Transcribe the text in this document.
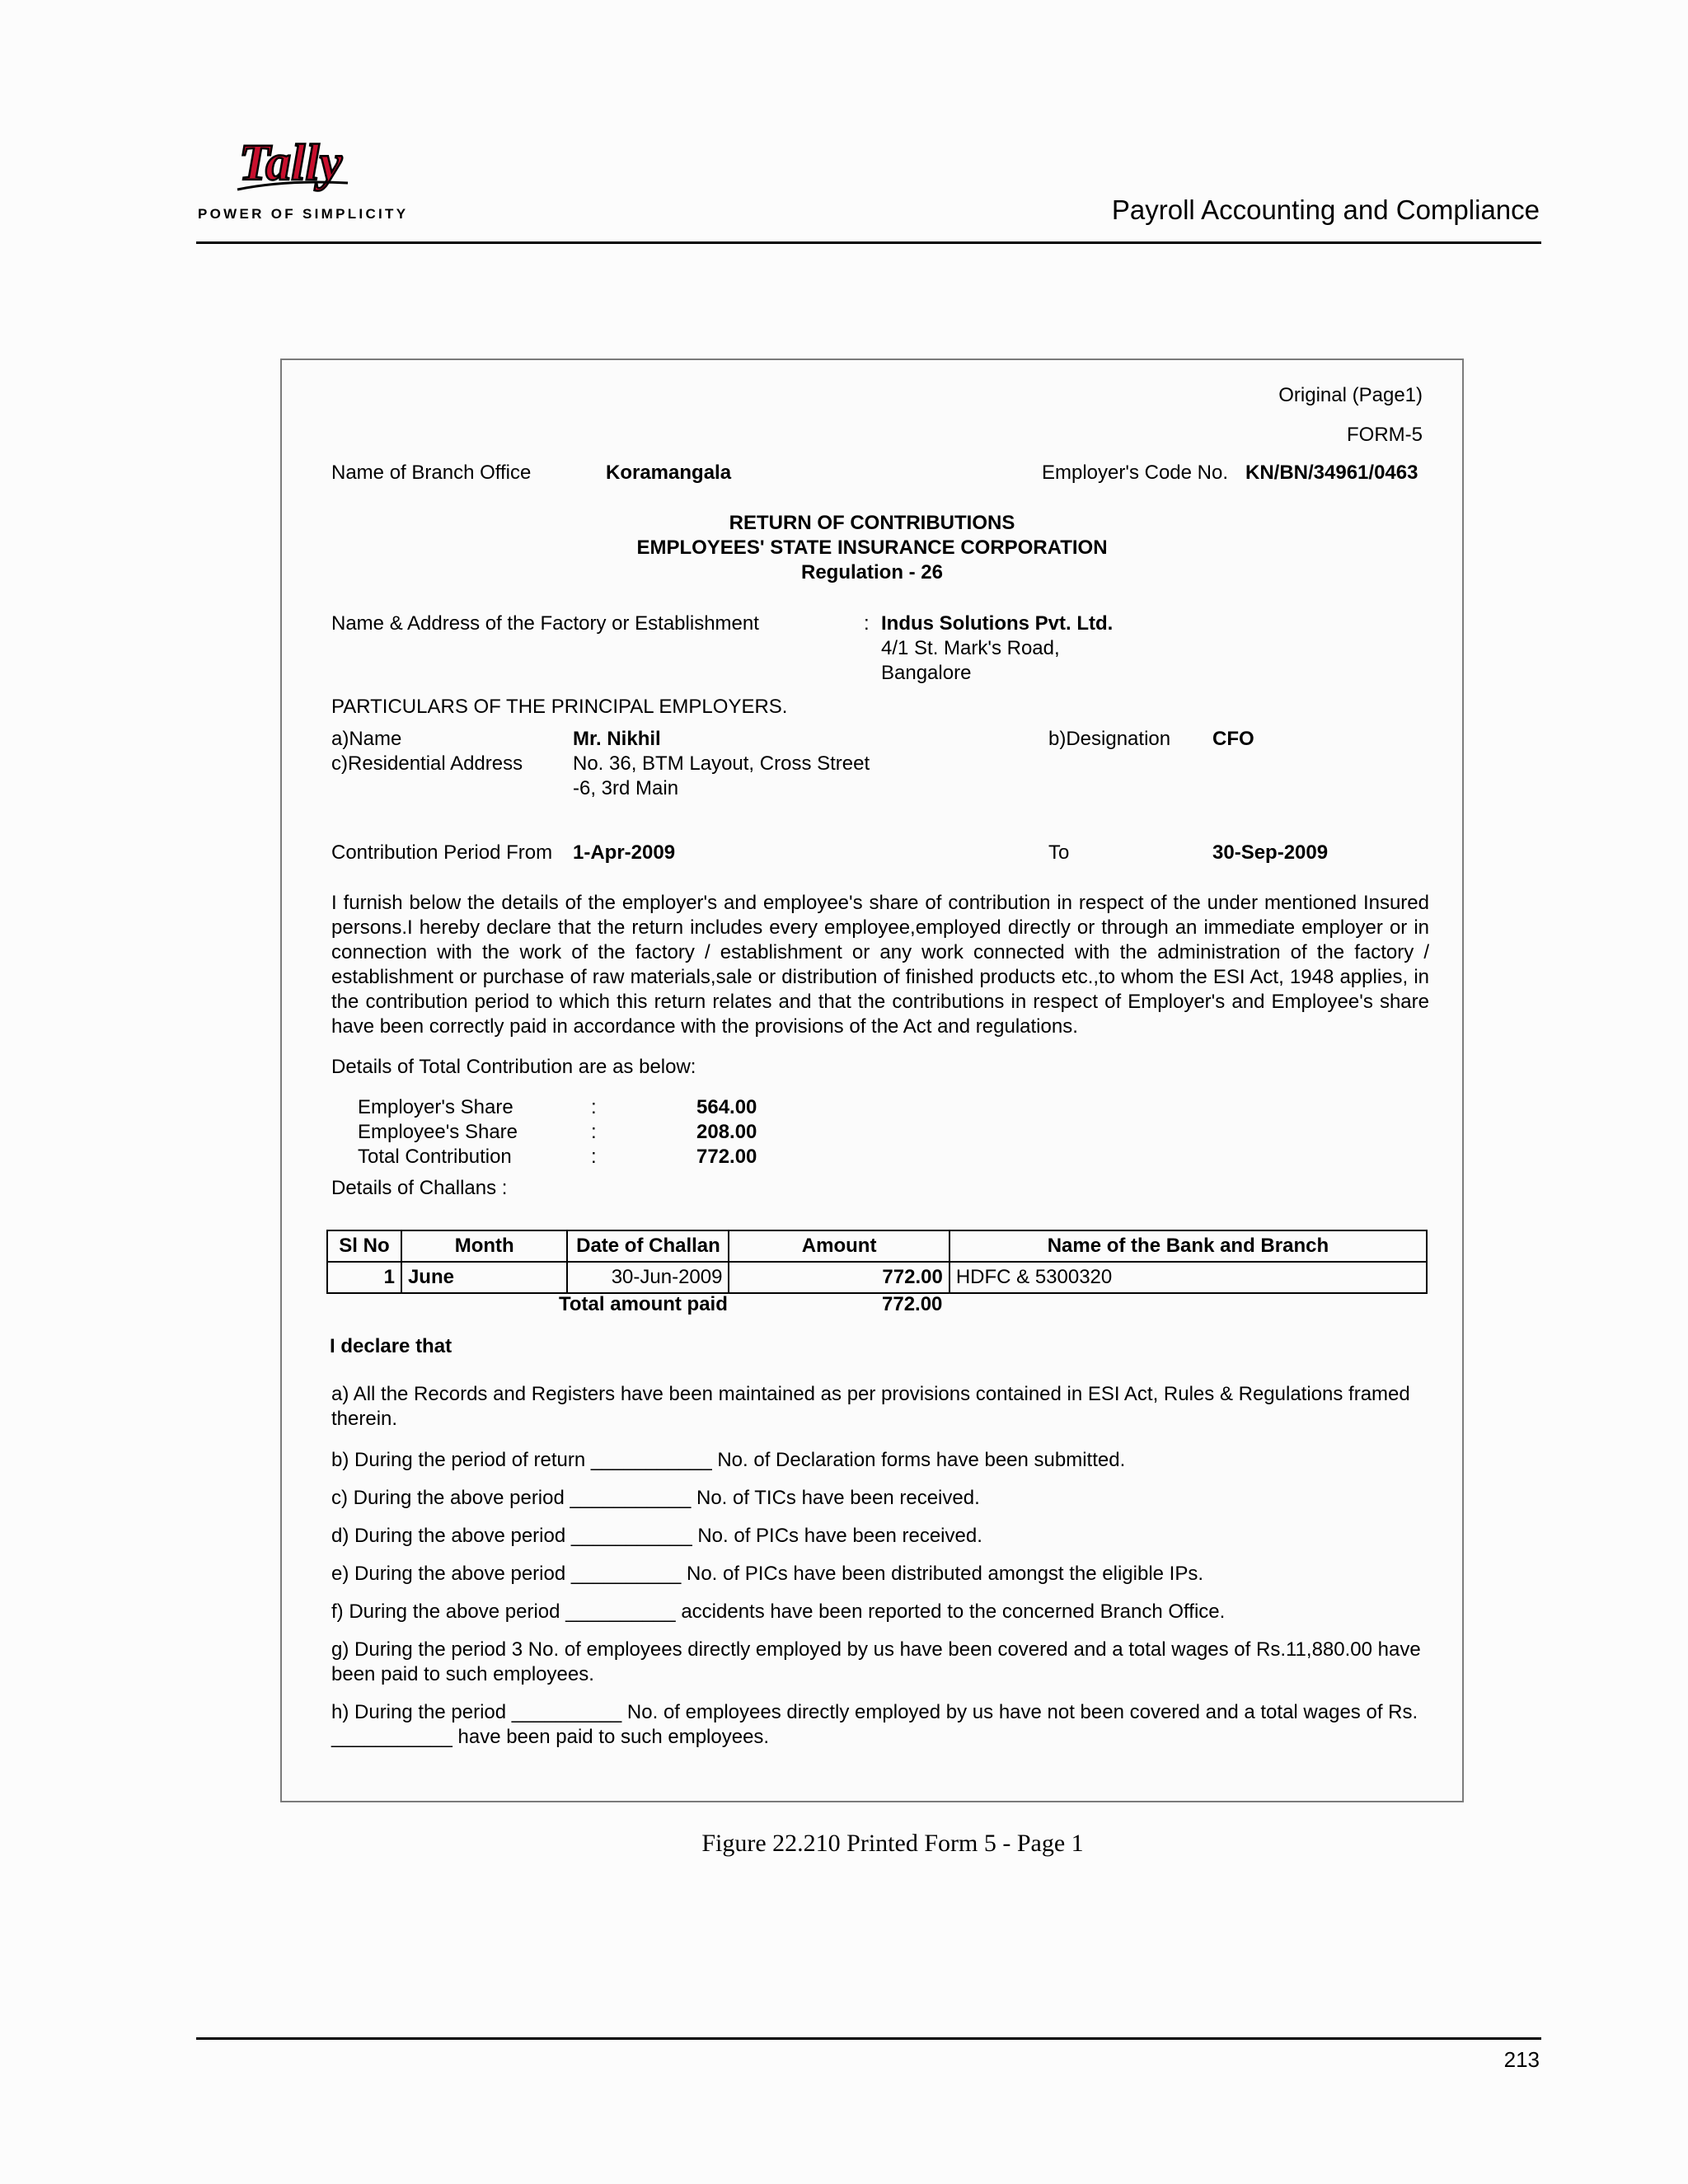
Tally
POWER OF SIMPLICITY	Payroll Accounting and Compliance
Original (Page1)
FORM-5
Name of Branch Office	Koramangala	Employer's Code No. KN/BN/34961/0463
RETURN OF CONTRIBUTIONS
EMPLOYEES' STATE INSURANCE CORPORATION
Regulation - 26
Name & Address of the Factory or Establishment	: Indus Solutions Pvt. Ltd.
4/1 St. Mark's Road,
Bangalore
PARTICULARS OF THE PRINCIPAL EMPLOYERS.
a)Name	Mr. Nikhil	b)Designation CFO
c)Residential Address	No. 36, BTM Layout, Cross Street
-6, 3rd Main
Contribution Period From 1-Apr-2009	To	30-Sep-2009
I furnish below the details of the employer's and employee's share of contribution in respect of the under mentioned Insured persons.I hereby declare that the return includes every employee,employed directly or through an immediate employer or in connection with the work of the factory / establishment or any work connected with the administration of the factory / establishment or purchase of raw materials,sale or distribution of finished products etc.,to whom the ESI Act, 1948 applies, in the contribution period to which this return relates and that the contributions in respect of Employer's and Employee's share have been correctly paid in accordance with the provisions of the Act and regulations.
Details of Total Contribution are as below:
Employer's Share	:	564.00
Employee's Share	:	208.00
Total Contribution	:	772.00
Details of Challans :
Sl No	Month	Date of Challan	Amount	Name of the Bank and Branch
1	June	30-Jun-2009	772.00	HDFC & 5300320
Total amount paid	772.00
I declare that
a) All the Records and Registers have been maintained as per provisions contained in ESI Act, Rules & Regulations framed therein.
b) During the period of return ___________ No. of Declaration forms have been submitted.
c) During the above period ___________ No. of TICs have been received.
d) During the above period ___________ No. of PICs have been received.
e) During the above period __________ No. of PICs have been distributed amongst the eligible IPs.
f) During the above period __________ accidents have been reported to the concerned Branch Office.
g) During the period 3 No. of employees directly employed by us have been covered and a total wages of Rs.11,880.00 have been paid to such employees.
h) During the period __________ No. of employees directly employed by us have not been covered and a total wages of Rs. ___________ have been paid to such employees.
Figure 22.210 Printed Form 5 - Page 1
213
